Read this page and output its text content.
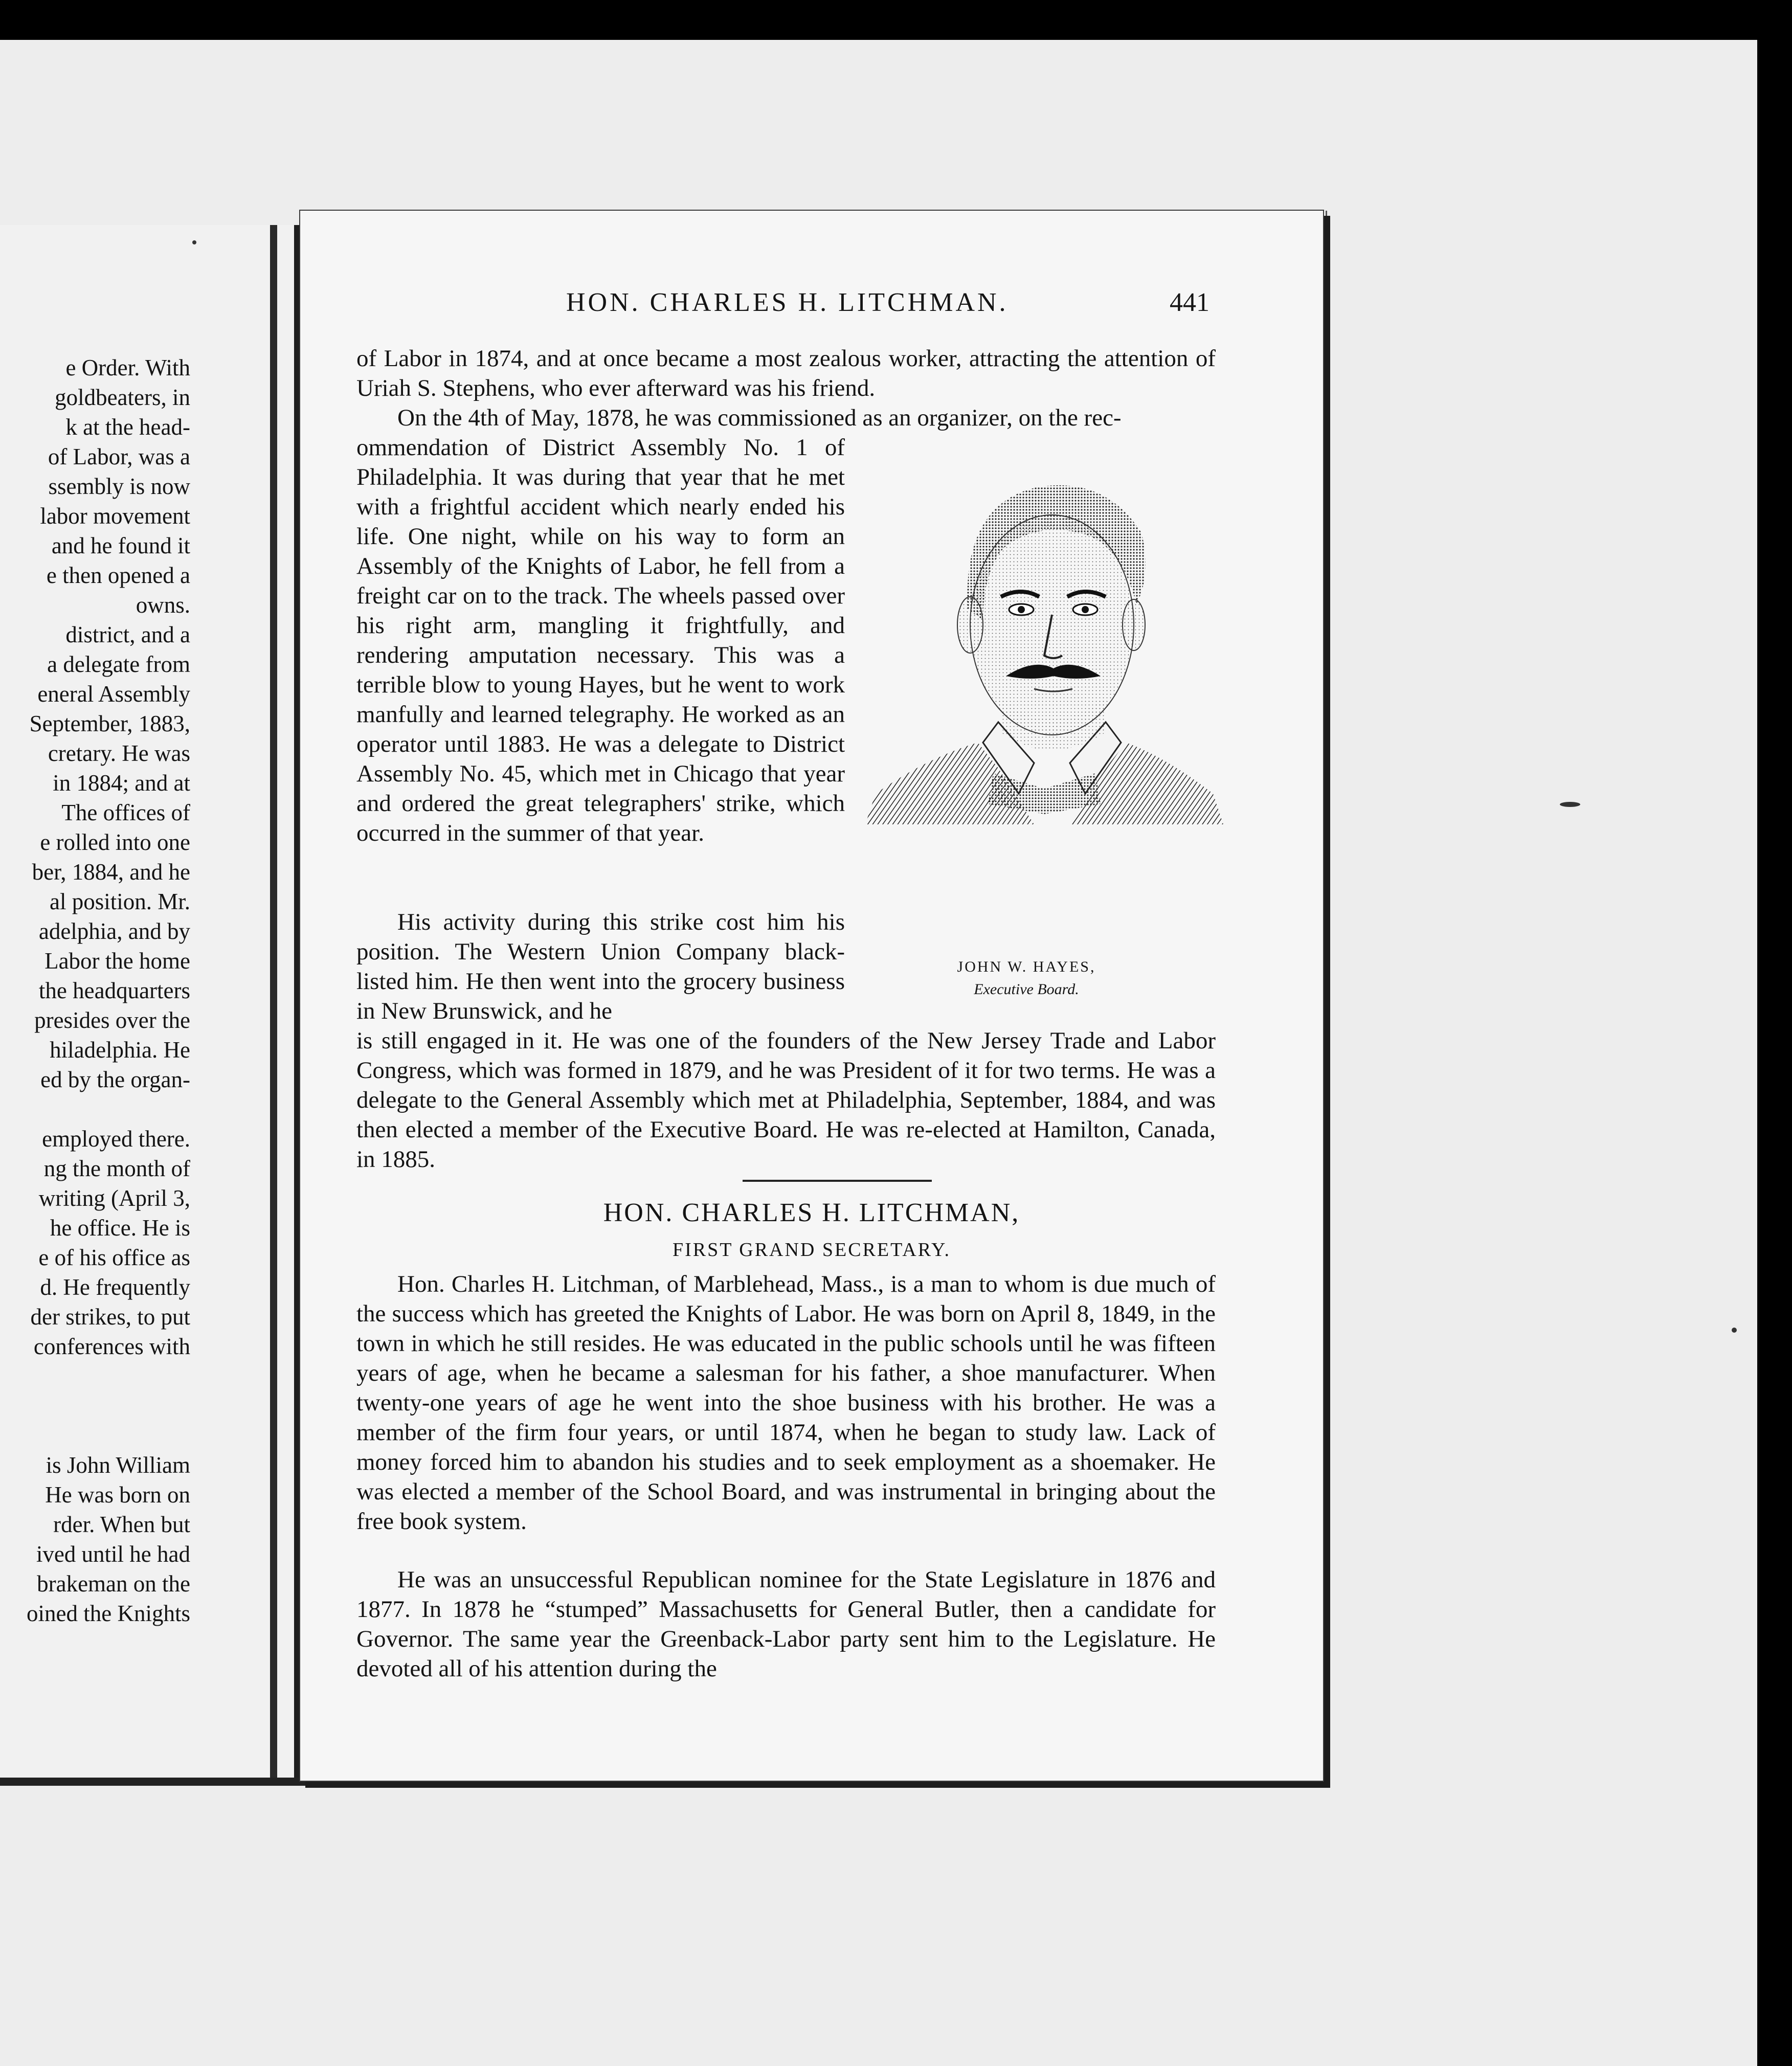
e Order. With
goldbeaters, in
k at the head-
of Labor, was a
ssembly is now
labor movement
and he found it
e then opened a
owns.
district, and a
a delegate from
eneral Assembly
September, 1883,
cretary. He was
in 1884; and at
The offices of
e rolled into one
ber, 1884, and he
al position. Mr.
adelphia, and by
Labor the home
the headquarters
presides over the
hiladelphia. He
ed by the organ-
employed there.
ng the month of
writing (April 3,
he office. He is
e of his office as
d. He frequently
der strikes, to put
conferences with
is John William
He was born on
rder. When but
ived until he had
brakeman on the
oined the Knights
HON. CHARLES H. LITCHMAN.	441

of Labor in 1874, and at once became a most zealous worker, attracting the attention of Uriah S. Stephens, who ever afterward was his friend.

On the 4th of May, 1878, he was commissioned as an organizer, on the rec-

ommendation of District Assembly No. 1 of Philadelphia. It was during that year that he met with a frightful accident which nearly ended his life. One night, while on his way to form an Assembly of the Knights of Labor, he fell from a freight car on to the track. The wheels passed over his right arm, mangling it frightfully, and rendering amputation necessary. This was a terrible blow to young Hayes, but he went to work manfully and learned telegraphy. He worked as an operator until 1883. He was a delegate to District Assembly No. 45, which met in Chicago that year and ordered the great telegraphers' strike, which occurred in the summer of that year.

His activity during this strike cost him his position. The Western Union Company black-listed him. He then went into the grocery business in New Brunswick, and he

is still engaged in it. He was one of the founders of the New Jersey Trade and Labor Congress, which was formed in 1879, and he was President of it for two terms. He was a delegate to the General Assembly which met at Philadelphia, September, 1884, and was then elected a member of the Executive Board. He was re-elected at Hamilton, Canada, in 1885.

JOHN W. HAYES,
Executive Board.
HON. CHARLES H. LITCHMAN,
FIRST GRAND SECRETARY.

Hon. Charles H. Litchman, of Marblehead, Mass., is a man to whom is due much of the success which has greeted the Knights of Labor. He was born on April 8, 1849, in the town in which he still resides. He was educated in the public schools until he was fifteen years of age, when he became a salesman for his father, a shoe manufacturer. When twenty-one years of age he went into the shoe business with his brother. He was a member of the firm four years, or until 1874, when he began to study law. Lack of money forced him to abandon his studies and to seek employment as a shoemaker. He was elected a member of the School Board, and was instrumental in bringing about the free book system.

He was an unsuccessful Republican nominee for the State Legislature in 1876 and 1877. In 1878 he “stumped” Massachusetts for General Butler, then a candidate for Governor. The same year the Greenback-Labor party sent him to the Legislature. He devoted all of his attention during the
